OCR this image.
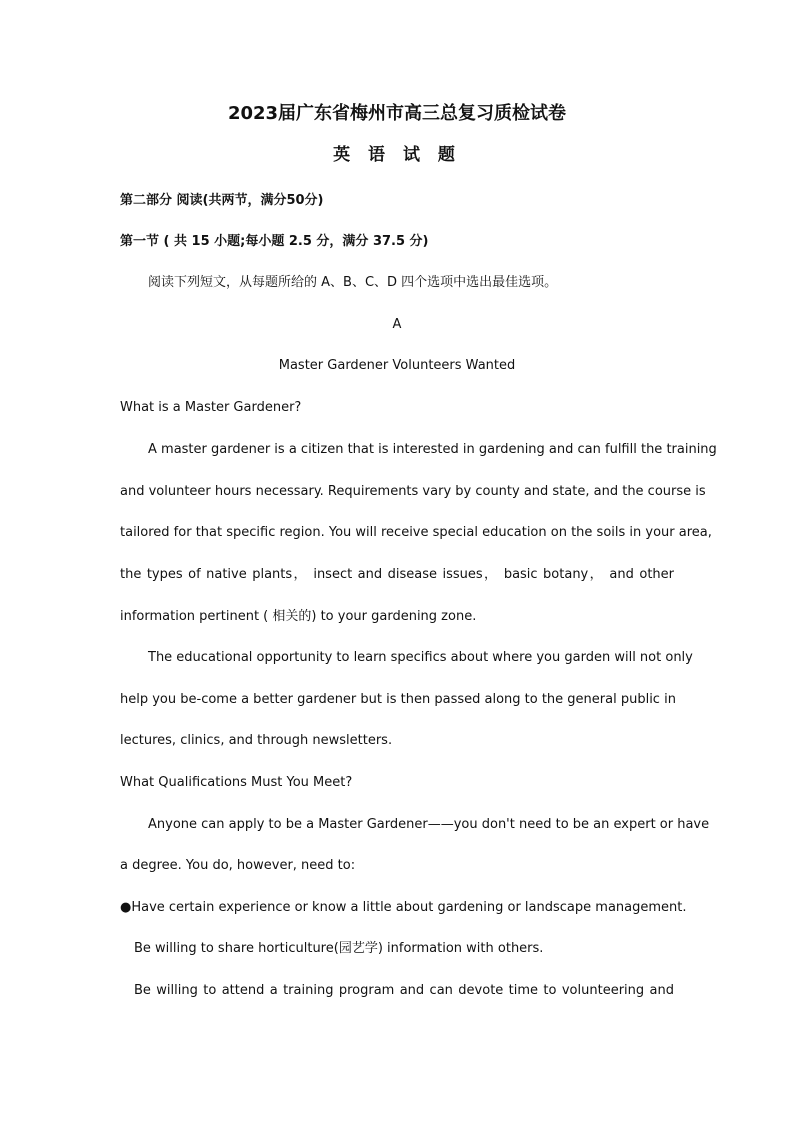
2023届广东省梅州市高三总复习质检试卷
英 语 试 题
第二部分 阅读(共两节，满分50分)
第一节 ( 共 15 小题;每小题 2.5 分，满分 37.5 分)
阅读下列短文，从每题所给的 A、B、C、D 四个选项中选出最佳选项。
A
Master Gardener Volunteers Wanted
What is a Master Gardener?
A master gardener is a citizen that is interested in gardening and can fulfill the training
and volunteer hours necessary. Requirements vary by county and state, and the course is
tailored for that specific region. You will receive special education on the soils in your area,
the types of native plants， insect and disease issues， basic botany， and other
information pertinent ( 相关的) to your gardening zone.
The educational opportunity to learn specifics about where you garden will not only
help you be-come a better gardener but is then passed along to the general public in
lectures, clinics, and through newsletters.
What Qualifications Must You Meet?
Anyone can apply to be a Master Gardener——you don't need to be an expert or have
a degree. You do, however, need to:
●Have certain experience or know a little about gardening or landscape management.
Be willing to share horticulture(园艺学) information with others.
Be willing to attend a training program and can devote time to volunteering and
